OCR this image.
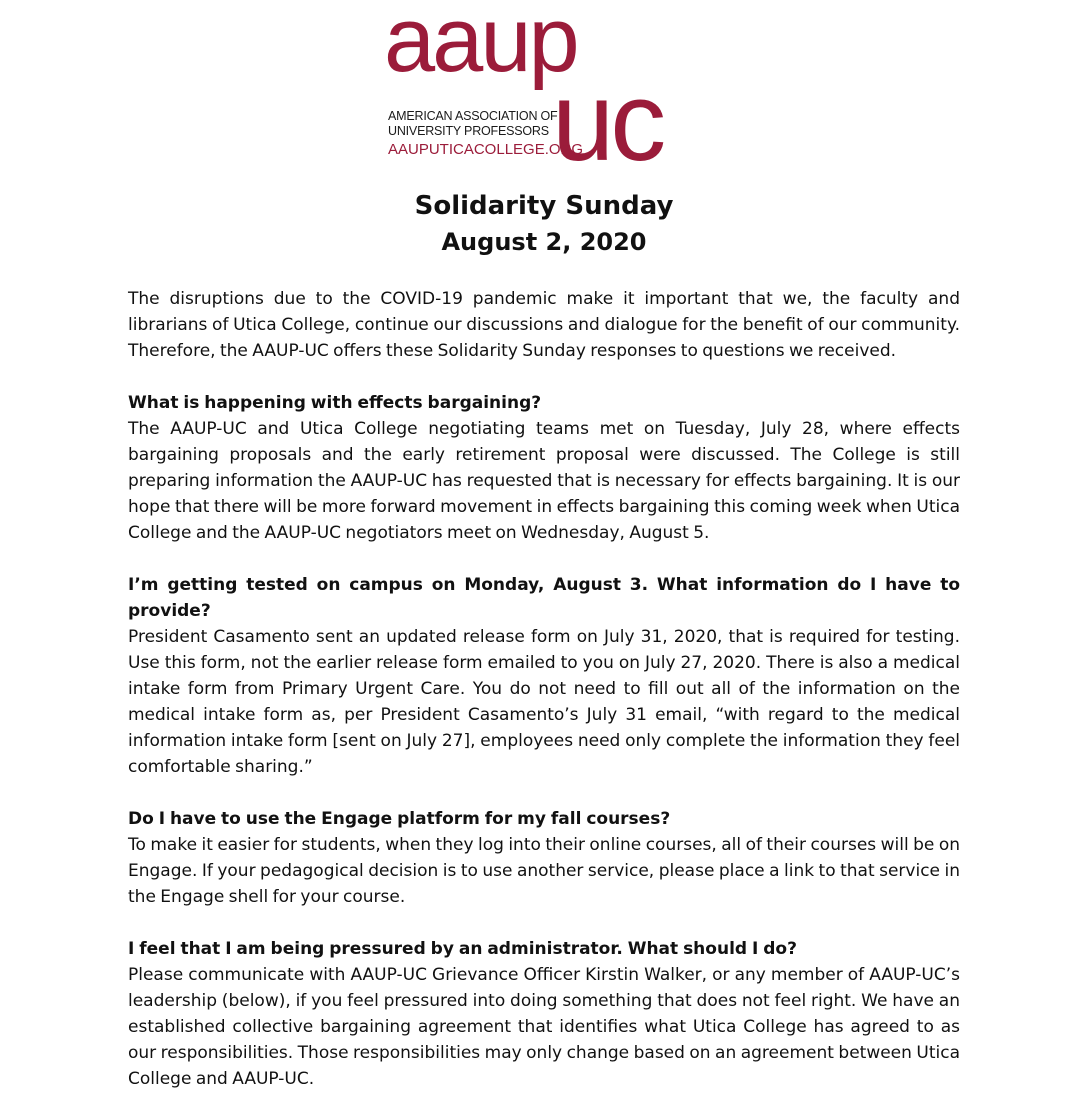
aaup
uc
AMERICAN ASSOCIATION OF
UNIVERSITY PROFESSORS
AAUPUTICACOLLEGE.ORG
Solidarity Sunday
August 2, 2020

The disruptions due to the COVID-19 pandemic make it important that we, the faculty and librarians of Utica College, continue our discussions and dialogue for the benefit of our community. Therefore, the AAUP-UC offers these Solidarity Sunday responses to questions we received.

What is happening with effects bargaining?

The AAUP-UC and Utica College negotiating teams met on Tuesday, July 28, where effects bargaining proposals and the early retirement proposal were discussed. The College is still preparing information the AAUP-UC has requested that is necessary for effects bargaining. It is our hope that there will be more forward movement in effects bargaining this coming week when Utica College and the AAUP-UC negotiators meet on Wednesday, August 5.

I’m getting tested on campus on Monday, August 3. What information do I have to provide?

President Casamento sent an updated release form on July 31, 2020, that is required for testing. Use this form, not the earlier release form emailed to you on July 27, 2020. There is also a medical intake form from Primary Urgent Care. You do not need to fill out all of the information on the medical intake form as, per President Casamento’s July 31 email, “with regard to the medical information intake form [sent on July 27], employees need only complete the information they feel comfortable sharing.”

Do I have to use the Engage platform for my fall courses?

To make it easier for students, when they log into their online courses, all of their courses will be on Engage. If your pedagogical decision is to use another service, please place a link to that service in the Engage shell for your course.

I feel that I am being pressured by an administrator. What should I do?

Please communicate with AAUP-UC Grievance Officer Kirstin Walker, or any member of AAUP-UC’s leadership (below), if you feel pressured into doing something that does not feel right. We have an established collective bargaining agreement that identifies what Utica College has agreed to as our responsibilities. Those responsibilities may only change based on an agreement between Utica College and AAUP-UC.
